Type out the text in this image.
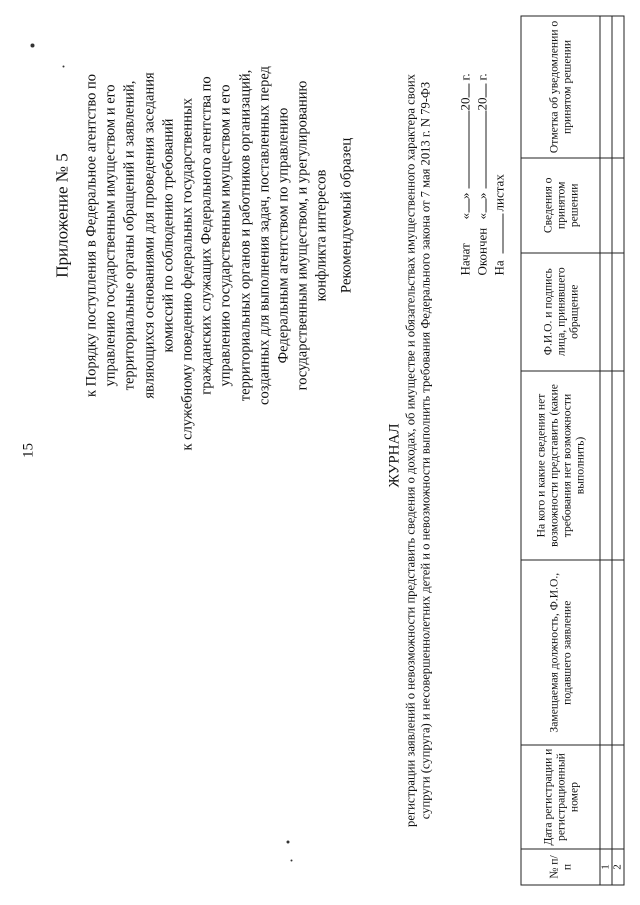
15
Приложение № 5 к Порядку поступления в Федеральное агентство по управлению государственным имуществом и его территориальные органы обращений и заявлений, являющихся основаниями для проведения заседания комиссий по соблюдению требований к служебному поведению федеральных государственных гражданских служащих Федерального агентства по управлению государственным имуществом и его территориальных органов и работников организаций, созданных для выполнения задач, поставленных перед Федеральным агентством по управлению государственным имуществом, и урегулированию конфликта интересов Рекомендуемый образец
ЖУРНАЛ регистрации заявлений о невозможности представить сведения о доходах, об имуществе и обязательствах имущественного характера своих супруги (супруга) и несовершеннолетних детей и о невозможности выполнить требования Федерального закона от 7 мая 2013 г. N 79-ФЗ Начат
«
»
20
г.
Окончен
«
»
20
г.
На
листах
№ п/п	Дата регистрации и регистрационный номер	Замещаемая должность, Ф.И.О., подавшего заявление	На кого и какие сведения нет возможности представить (какие требования нет возможности выполнить)	Ф.И.О. и подпись лица, принявшего обращение	Сведения о принятом решении	Отметка об уведомлении о принятом решении
1						
2						
